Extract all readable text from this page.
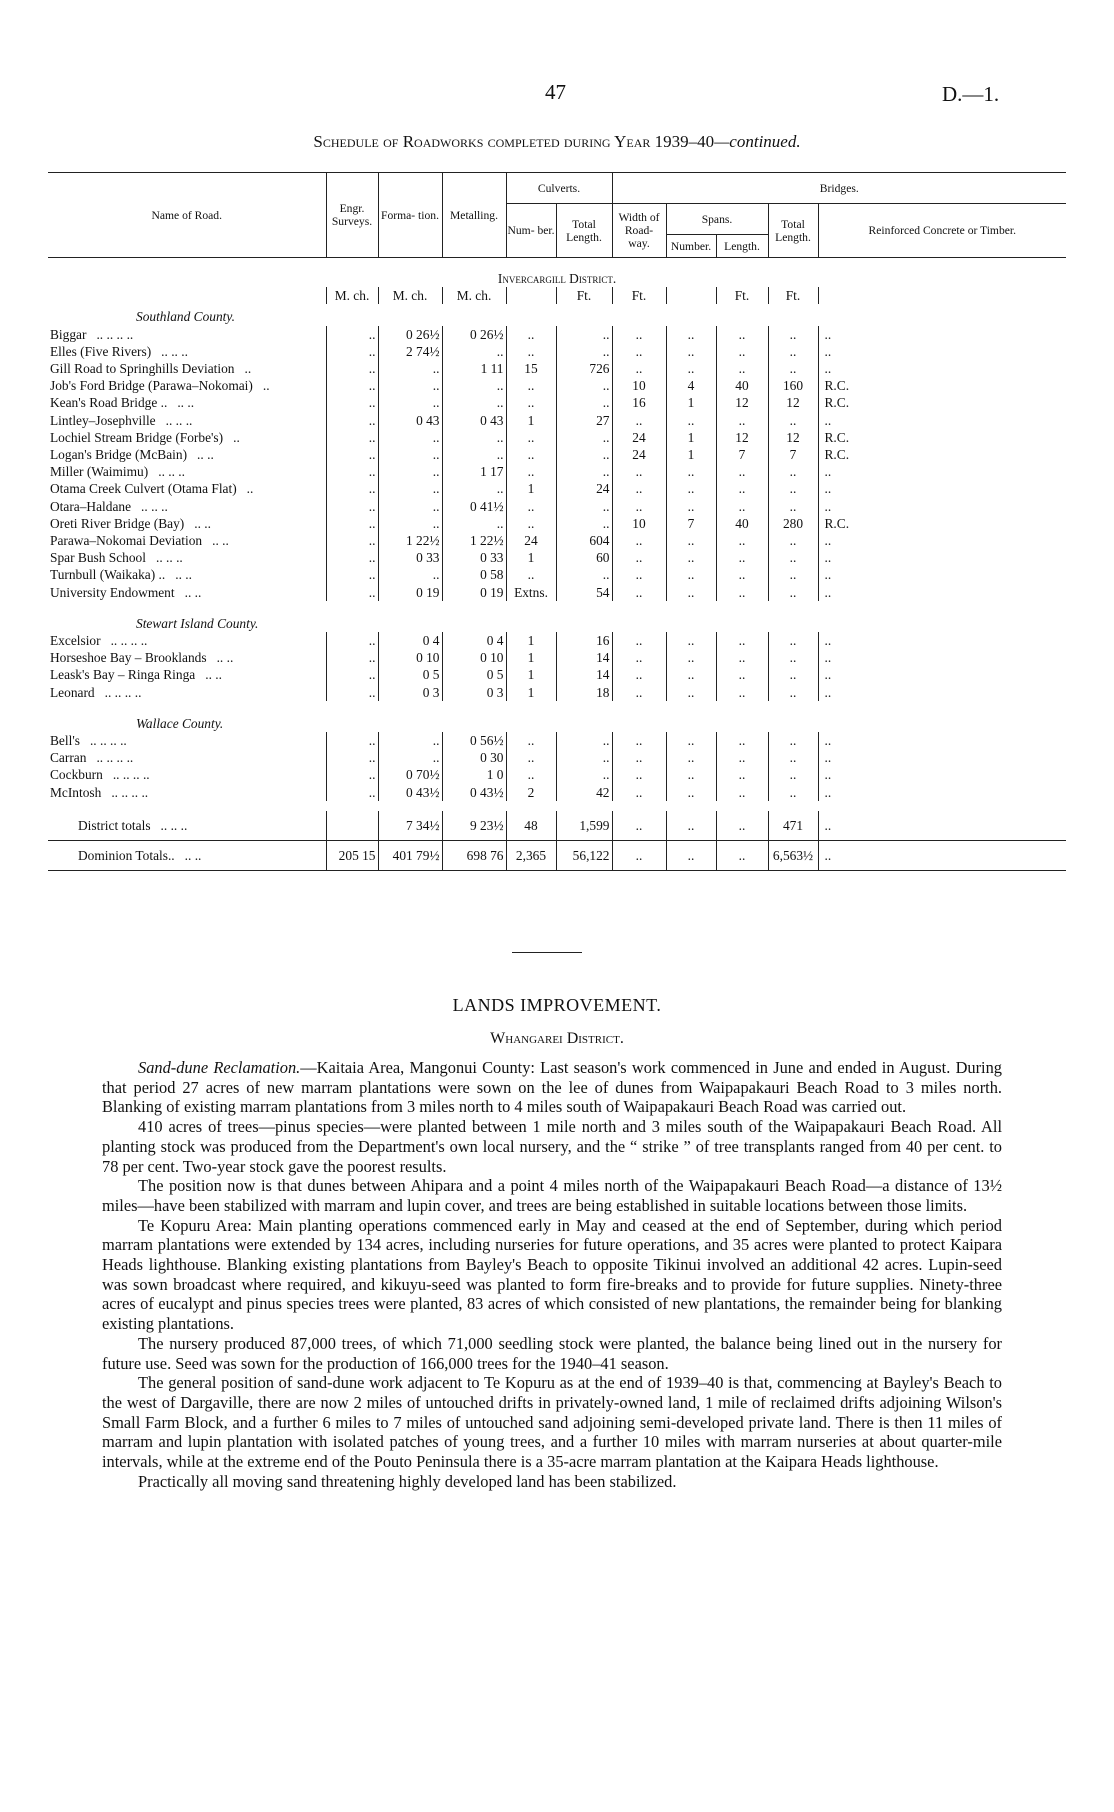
47	D.—1.
Schedule of Roadworks completed during Year 1939–40—continued.
Name of Road.	Engr. Surveys.	Forma- tion.	Metalling.	Culverts.		Bridges.				
				Num- ber.	Total Length.	Width of Road- way.	Spans.		Total Length.	Reinforced Concrete or Timber.
							Number.	Length.		
Invercargill District.										
	M. ch.	M. ch.	M. ch.		Ft.	Ft.		Ft.	Ft.	
Southland County.										
Biggar .. .. .. ..	..	0 26½	0 26½	..	..	..	..	..	..	..
Elles (Five Rivers) .. .. ..	..	2 74½	..	..	..	..	..	..	..	..
Gill Road to Springhills Deviation ..	..	..	1 11	15	726	..	..	..	..	..
Job's Ford Bridge (Parawa–Nokomai) ..	..	..	..	..	..	10	4	40	160	R.C.
Kean's Road Bridge .. .. ..	..	..	..	..	..	16	1	12	12	R.C.
Lintley–Josephville .. .. ..	..	0 43	0 43	1	27	..	..	..	..	..
Lochiel Stream Bridge (Forbe's) ..	..	..	..	..	..	24	1	12	12	R.C.
Logan's Bridge (McBain) .. ..	..	..	..	..	..	24	1	7	7	R.C.
Miller (Waimimu) .. .. ..	..	..	1 17	..	..	..	..	..	..	..
Otama Creek Culvert (Otama Flat) ..	..	..	..	1	24	..	..	..	..	..
Otara–Haldane .. .. ..	..	..	0 41½	..	..	..	..	..	..	..
Oreti River Bridge (Bay) .. ..	..	..	..	..	..	10	7	40	280	R.C.
Parawa–Nokomai Deviation .. ..	..	1 22½	1 22½	24	604	..	..	..	..	..
Spar Bush School .. .. ..	..	0 33	0 33	1	60	..	..	..	..	..
Turnbull (Waikaka) .. .. ..	..	..	0 58	..	..	..	..	..	..	..
University Endowment .. ..	..	0 19	0 19	Extns.	54	..	..	..	..	..

Stewart Island County.										
Excelsior .. .. .. ..	..	0 4	0 4	1	16	..	..	..	..	..
Horseshoe Bay – Brooklands .. ..	..	0 10	0 10	1	14	..	..	..	..	..
Leask's Bay – Ringa Ringa .. ..	..	0 5	0 5	1	14	..	..	..	..	..
Leonard .. .. .. ..	..	0 3	0 3	1	18	..	..	..	..	..

Wallace County.										
Bell's .. .. .. ..	..	..	0 56½	..	..	..	..	..	..	..
Carran .. .. .. ..	..	..	0 30	..	..	..	..	..	..	..
Cockburn .. .. .. ..	..	0 70½	1 0	..	..	..	..	..	..	..
McIntosh .. .. .. ..	..	0 43½	0 43½	2	42	..	..	..	..	..

District totals .. .. ..		7 34½	9 23½	48	1,599	..	..	..	471	..
Dominion Totals.. .. ..	205 15	401 79½	698 76	2,365	56,122	..	..	..	6,563½	..
LANDS IMPROVEMENT.
Whangarei District.

Sand-dune Reclamation.—Kaitaia Area, Mangonui County: Last season's work commenced in June and ended in August. During that period 27 acres of new marram plantations were sown on the lee of dunes from Waipapakauri Beach Road to 3 miles north. Blanking of existing marram plantations from 3 miles north to 4 miles south of Waipapakauri Beach Road was carried out.

410 acres of trees—pinus species—were planted between 1 mile north and 3 miles south of the Waipapakauri Beach Road. All planting stock was produced from the Department's own local nursery, and the “ strike ” of tree transplants ranged from 40 per cent. to 78 per cent. Two-year stock gave the poorest results.

The position now is that dunes between Ahipara and a point 4 miles north of the Waipapakauri Beach Road—a distance of 13½ miles—have been stabilized with marram and lupin cover, and trees are being established in suitable locations between those limits.

Te Kopuru Area: Main planting operations commenced early in May and ceased at the end of September, during which period marram plantations were extended by 134 acres, including nurseries for future operations, and 35 acres were planted to protect Kaipara Heads lighthouse. Blanking existing plantations from Bayley's Beach to opposite Tikinui involved an additional 42 acres. Lupin-seed was sown broadcast where required, and kikuyu-seed was planted to form fire-breaks and to provide for future supplies. Ninety-three acres of eucalypt and pinus species trees were planted, 83 acres of which consisted of new plantations, the remainder being for blanking existing plantations.

The nursery produced 87,000 trees, of which 71,000 seedling stock were planted, the balance being lined out in the nursery for future use. Seed was sown for the production of 166,000 trees for the 1940–41 season.

The general position of sand-dune work adjacent to Te Kopuru as at the end of 1939–40 is that, commencing at Bayley's Beach to the west of Dargaville, there are now 2 miles of untouched drifts in privately-owned land, 1 mile of reclaimed drifts adjoining Wilson's Small Farm Block, and a further 6 miles to 7 miles of untouched sand adjoining semi-developed private land. There is then 11 miles of marram and lupin plantation with isolated patches of young trees, and a further 10 miles with marram nurseries at about quarter-mile intervals, while at the extreme end of the Pouto Peninsula there is a 35-acre marram plantation at the Kaipara Heads lighthouse.

Practically all moving sand threatening highly developed land has been stabilized.
